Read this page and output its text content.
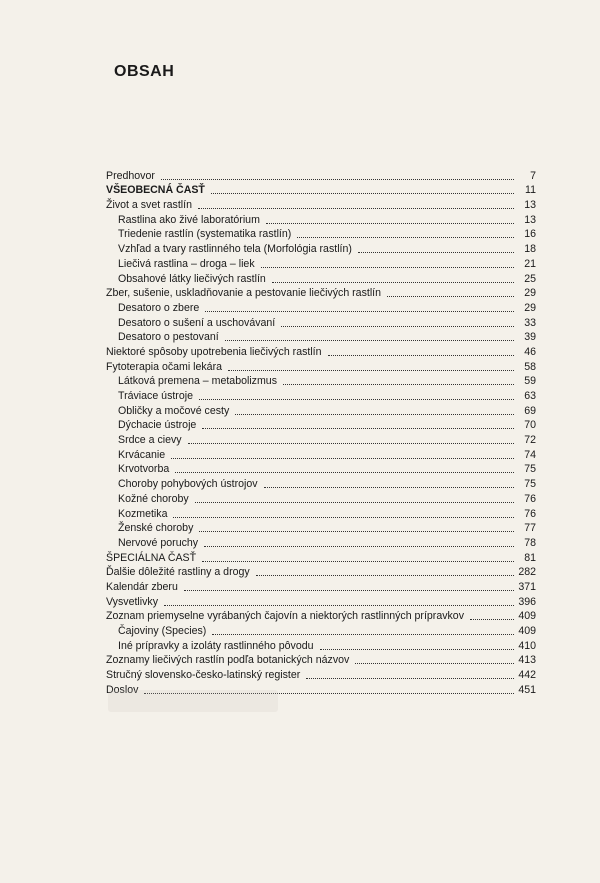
OBSAH
Predhovor	7
VŠEOBECNÁ ČASŤ	11
Život a svet rastlín	13
Rastlina ako živé laboratórium	13
Triedenie rastlín (systematika rastlín)	16
Vzhľad a tvary rastlinného tela (Morfológia rastlín)	18
Liečivá rastlina – droga – liek	21
Obsahové látky liečivých rastlín	25
Zber, sušenie, uskladňovanie a pestovanie liečivých rastlín	29
Desatoro o zbere	29
Desatoro o sušení a uschovávaní	33
Desatoro o pestovaní	39
Niektoré spôsoby upotrebenia liečivých rastlín	46
Fytoterapia očami lekára	58
Látková premena – metabolizmus	59
Tráviace ústroje	63
Obličky a močové cesty	69
Dýchacie ústroje	70
Srdce a cievy	72
Krvácanie	74
Krvotvorba	75
Choroby pohybových ústrojov	75
Kožné choroby	76
Kozmetika	76
Ženské choroby	77
Nervové poruchy	78
ŠPECIÁLNA ČASŤ	81
Ďalšie dôležité rastliny a drogy	282
Kalendár zberu	371
Vysvetlivky	396
Zoznam priemyselne vyrábaných čajovín a niektorých rastlinných prípravkov	409
Čajoviny (Species)	409
Iné prípravky a izoláty rastlinného pôvodu	410
Zoznamy liečivých rastlín podľa botanických názvov	413
Stručný slovensko-česko-latinský register	442
Doslov	451
